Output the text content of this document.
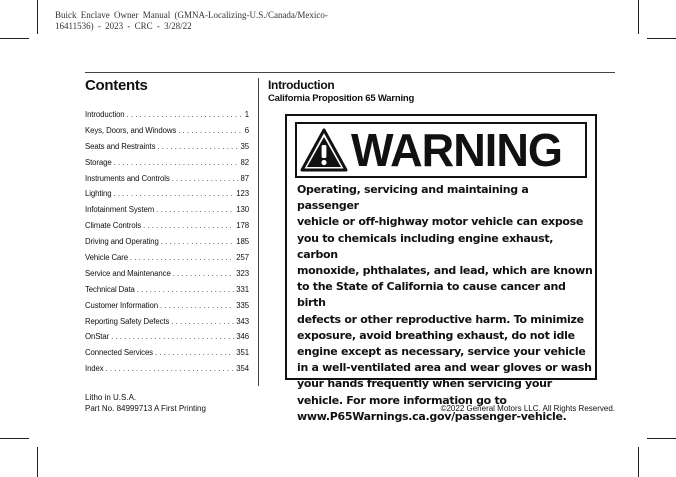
Buick Enclave Owner Manual (GMNA-Localizing-U.S./Canada/Mexico-
16411536) - 2023 - CRC - 3/28/22
Contents
Introduction . . .	1
Keys, Doors, and Windows . . .	6
Seats and Restraints . . .	35
Storage . . .	82
Instruments and Controls . . .	87
Lighting . . .	123
Infotainment System . . .	130
Climate Controls . . .	178
Driving and Operating . . .	185
Vehicle Care . . .	257
Service and Maintenance . . .	323
Technical Data . . .	331
Customer Information . . .	335
Reporting Safety Defects . . .	343
OnStar . . .	346
Connected Services . . .	351
Index . . .	354
Introduction
California Proposition 65 Warning
WARNING
Operating, servicing and maintaining a passenger
vehicle or off-highway motor vehicle can expose
you to chemicals including engine exhaust, carbon
monoxide, phthalates, and lead, which are known
to the State of California to cause cancer and birth
defects or other reproductive harm. To minimize
exposure, avoid breathing exhaust, do not idle
engine except as necessary, service your vehicle
in a well-ventilated area and wear gloves or wash
your hands frequently when servicing your
vehicle. For more information go to
www.P65Warnings.ca.gov/passenger-vehicle.
Litho in U.S.A.
Part No. 84999713 A First Printing	©2022 General Motors LLC. All Rights Reserved.
